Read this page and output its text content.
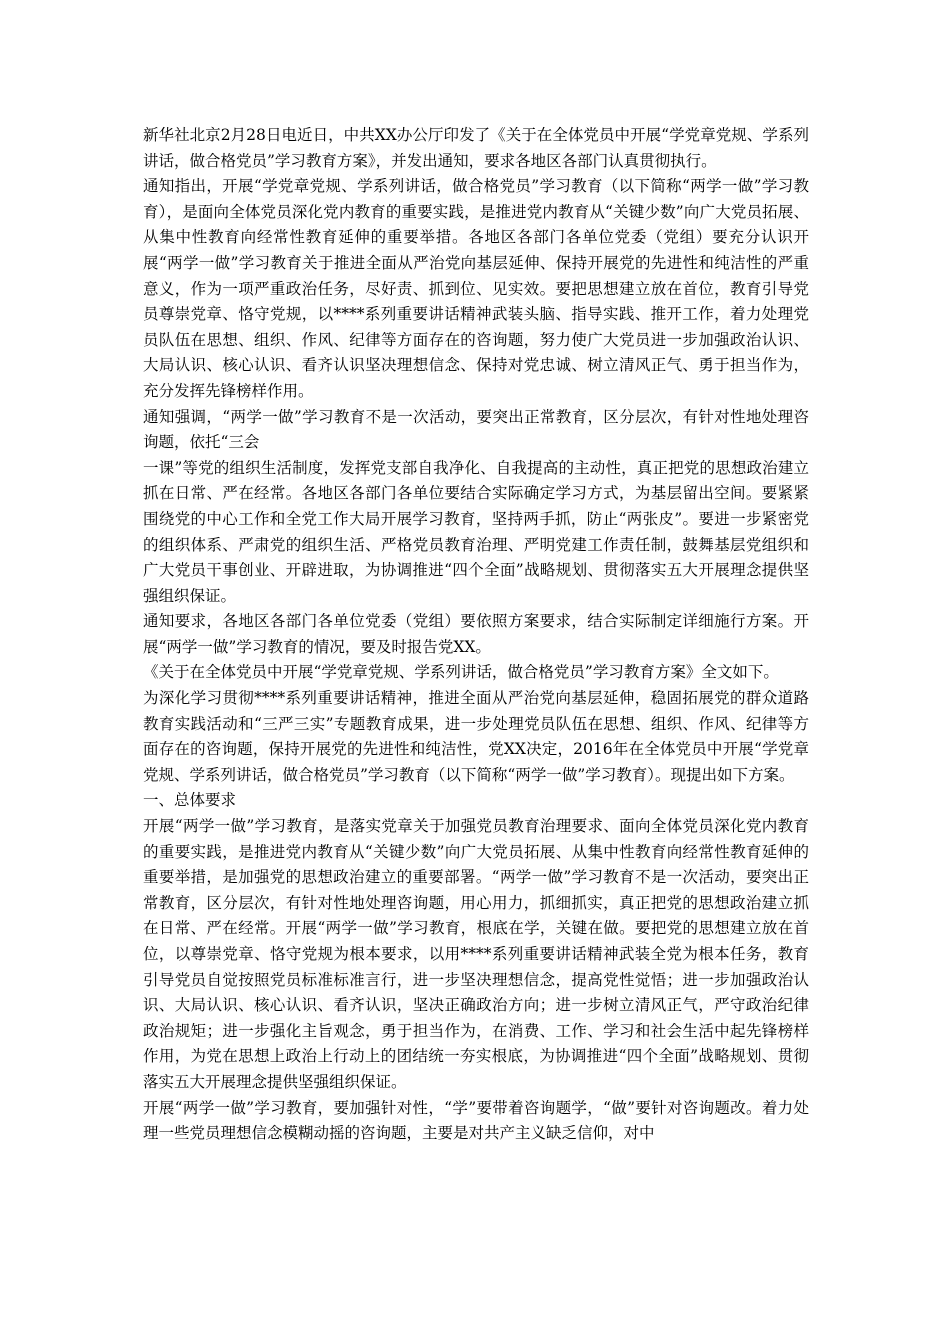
新华社北京2月28日电近日，中共XX办公厅印发了《关于在全体党员中开展“学党章党规、学系列讲话，做合格党员”学习教育方案》，并发出通知，要求各地区各部门认真贯彻执行。

通知指出，开展“学党章党规、学系列讲话，做合格党员”学习教育（以下简称“两学一做”学习教育），是面向全体党员深化党内教育的重要实践，是推进党内教育从“关键少数”向广大党员拓展、从集中性教育向经常性教育延伸的重要举措。各地区各部门各单位党委（党组）要充分认识开展“两学一做”学习教育关于推进全面从严治党向基层延伸、保持开展党的先进性和纯洁性的严重意义，作为一项严重政治任务，尽好责、抓到位、见实效。要把思想建立放在首位，教育引导党员尊崇党章、恪守党规，以****系列重要讲话精神武装头脑、指导实践、推开工作，着力处理党员队伍在思想、组织、作风、纪律等方面存在的咨询题，努力使广大党员进一步加强政治认识、大局认识、核心认识、看齐认识坚决理想信念、保持对党忠诚、树立清风正气、勇于担当作为，充分发挥先锋榜样作用。

通知强调，“两学一做”学习教育不是一次活动，要突出正常教育，区分层次，有针对性地处理咨询题，依托“三会

一课”等党的组织生活制度，发挥党支部自我净化、自我提高的主动性，真正把党的思想政治建立抓在日常、严在经常。各地区各部门各单位要结合实际确定学习方式，为基层留出空间。要紧紧围绕党的中心工作和全党工作大局开展学习教育，坚持两手抓，防止“两张皮”。要进一步紧密党的组织体系、严肃党的组织生活、严格党员教育治理、严明党建工作责任制，鼓舞基层党组织和广大党员干事创业、开辟进取，为协调推进“四个全面”战略规划、贯彻落实五大开展理念提供坚强组织保证。

通知要求，各地区各部门各单位党委（党组）要依照方案要求，结合实际制定详细施行方案。开展“两学一做”学习教育的情况，要及时报告党XX。

《关于在全体党员中开展“学党章党规、学系列讲话，做合格党员”学习教育方案》全文如下。

为深化学习贯彻****系列重要讲话精神，推进全面从严治党向基层延伸，稳固拓展党的群众道路教育实践活动和“三严三实”专题教育成果，进一步处理党员队伍在思想、组织、作风、纪律等方面存在的咨询题，保持开展党的先进性和纯洁性，党XX决定，2016年在全体党员中开展“学党章党规、学系列讲话，做合格党员”学习教育（以下简称“两学一做”学习教育）。现提出如下方案。

一、总体要求

开展“两学一做”学习教育，是落实党章关于加强党员教育治理要求、面向全体党员深化党内教育的重要实践，是推进党内教育从“关键少数”向广大党员拓展、从集中性教育向经常性教育延伸的重要举措，是加强党的思想政治建立的重要部署。“两学一做”学习教育不是一次活动，要突出正常教育，区分层次，有针对性地处理咨询题，用心用力，抓细抓实，真正把党的思想政治建立抓在日常、严在经常。开展“两学一做”学习教育，根底在学，关键在做。要把党的思想建立放在首位，以尊崇党章、恪守党规为根本要求，以用****系列重要讲话精神武装全党为根本任务，教育引导党员自觉按照党员标准标准言行，进一步坚决理想信念，提高党性觉悟；进一步加强政治认识、大局认识、核心认识、看齐认识，坚决正确政治方向；进一步树立清风正气，严守政治纪律政治规矩；进一步强化主旨观念，勇于担当作为，在消费、工作、学习和社会生活中起先锋榜样作用，为党在思想上政治上行动上的团结统一夯实根底，为协调推进“四个全面”战略规划、贯彻落实五大开展理念提供坚强组织保证。

开展“两学一做”学习教育，要加强针对性，“学”要带着咨询题学，“做”要针对咨询题改。着力处理一些党员理想信念模糊动摇的咨询题，主要是对共产主义缺乏信仰，对中
